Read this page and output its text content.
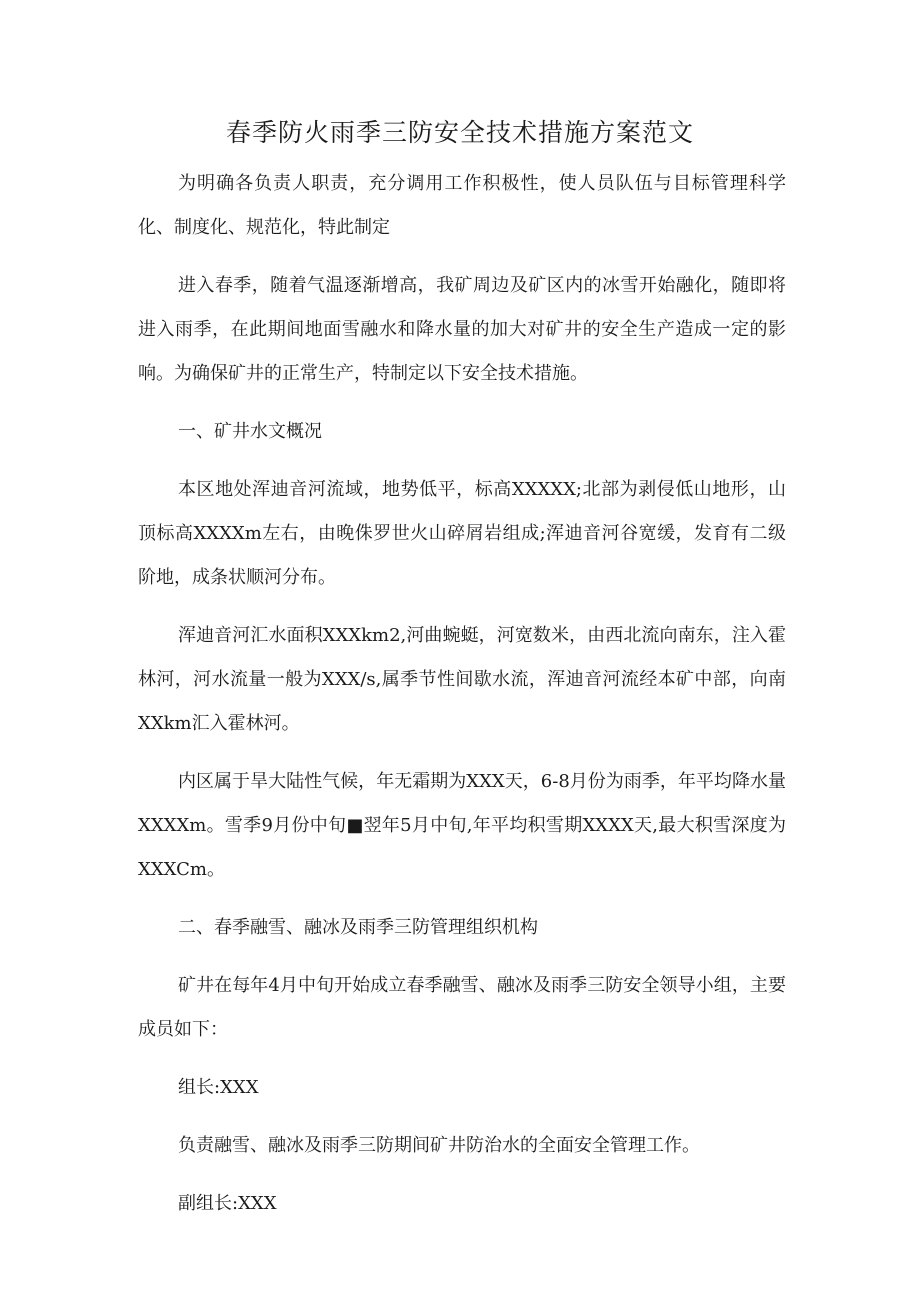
春季防火雨季三防安全技术措施方案范文

为明确各负责人职责，充分调用工作积极性，使人员队伍与目标管理科学化、制度化、规范化，特此制定

进入春季，随着气温逐渐增高，我矿周边及矿区内的冰雪开始融化，随即将进入雨季，在此期间地面雪融水和降水量的加大对矿井的安全生产造成一定的影响。为确保矿井的正常生产，特制定以下安全技术措施。

一、矿井水文概况

本区地处浑迪音河流域，地势低平，标高XXXXX;北部为剥侵低山地形，山顶标高XXXXm左右，由晚侏罗世火山碎屑岩组成;浑迪音河谷宽缓，发育有二级阶地，成条状顺河分布。

浑迪音河汇水面积XXXkm2,河曲蜿蜓，河宽数米，由西北流向南东，注入霍林河，河水流量一般为XXX/s,属季节性间歇水流，浑迪音河流经本矿中部，向南XXkm汇入霍林河。

内区属于旱大陆性气候，年无霜期为XXX天，6-8月份为雨季，年平均降水量XXXXm。雪季9月份中旬■翌年5月中旬,年平均积雪期XXXX天,最大积雪深度为XXXCm。

二、春季融雪、融冰及雨季三防管理组织机构

矿井在每年4月中旬开始成立春季融雪、融冰及雨季三防安全领导小组，主要成员如下：

组长:XXX

负责融雪、融冰及雨季三防期间矿井防治水的全面安全管理工作。

副组长:XXX
